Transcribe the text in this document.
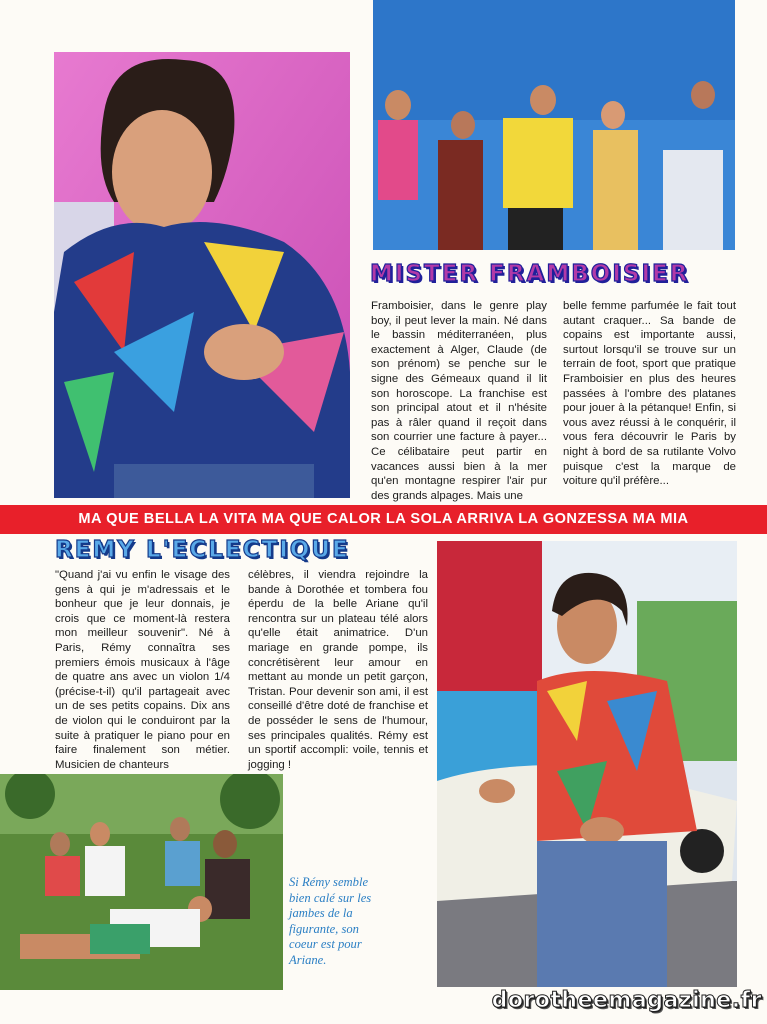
MISTER FRAMBOISIER

Framboisier, dans le genre play boy, il peut lever la main. Né dans le bassin méditerranéen, plus exactement à Alger, Claude (de son prénom) se penche sur le signe des Gémeaux quand il lit son horoscope. La franchise est son principal atout et il n'hésite pas à râler quand il reçoit dans son courrier une facture à payer... Ce célibataire peut partir en vacances aussi bien à la mer qu'en montagne respirer l'air pur des grands alpages. Mais une

belle femme parfumée le fait tout autant craquer... Sa bande de copains est importante aussi, surtout lorsqu'il se trouve sur un terrain de foot, sport que pratique Framboisier en plus des heures passées à l'ombre des platanes pour jouer à la pétanque! Enfin, si vous avez réussi à le conquérir, il vous fera découvrir le Paris by night à bord de sa rutilante Volvo puisque c'est la marque de voiture qu'il préfère...

MA QUE BELLA LA VITA MA QUE CALOR LA SOLA ARRIVA LA GONZESSA MA MIA
REMY L'ECLECTIQUE

"Quand j'ai vu enfin le visage des gens à qui je m'adressais et le bonheur que je leur donnais, je crois que ce moment-là restera mon meilleur souvenir". Né à Paris, Rémy connaîtra ses premiers émois musicaux à l'âge de quatre ans avec un violon 1/4 (précise-t-il) qu'il partageait avec un de ses petits copains. Dix ans de violon qui le conduiront par la suite à pratiquer le piano pour en faire finalement son métier. Musicien de chanteurs

célèbres, il viendra rejoindre la bande à Dorothée et tombera fou éperdu de la belle Ariane qu'il rencontra sur un plateau télé alors qu'elle était animatrice. D'un mariage en grande pompe, ils concrétisèrent leur amour en mettant au monde un petit garçon, Tristan. Pour devenir son ami, il est conseillé d'être doté de franchise et de posséder le sens de l'humour, ses principales qualités. Rémy est un sportif accompli: voile, tennis et jogging !

Si Rémy semble bien calé sur les jambes de la figurante, son coeur est pour Ariane.

dorotheemagazine.fr
